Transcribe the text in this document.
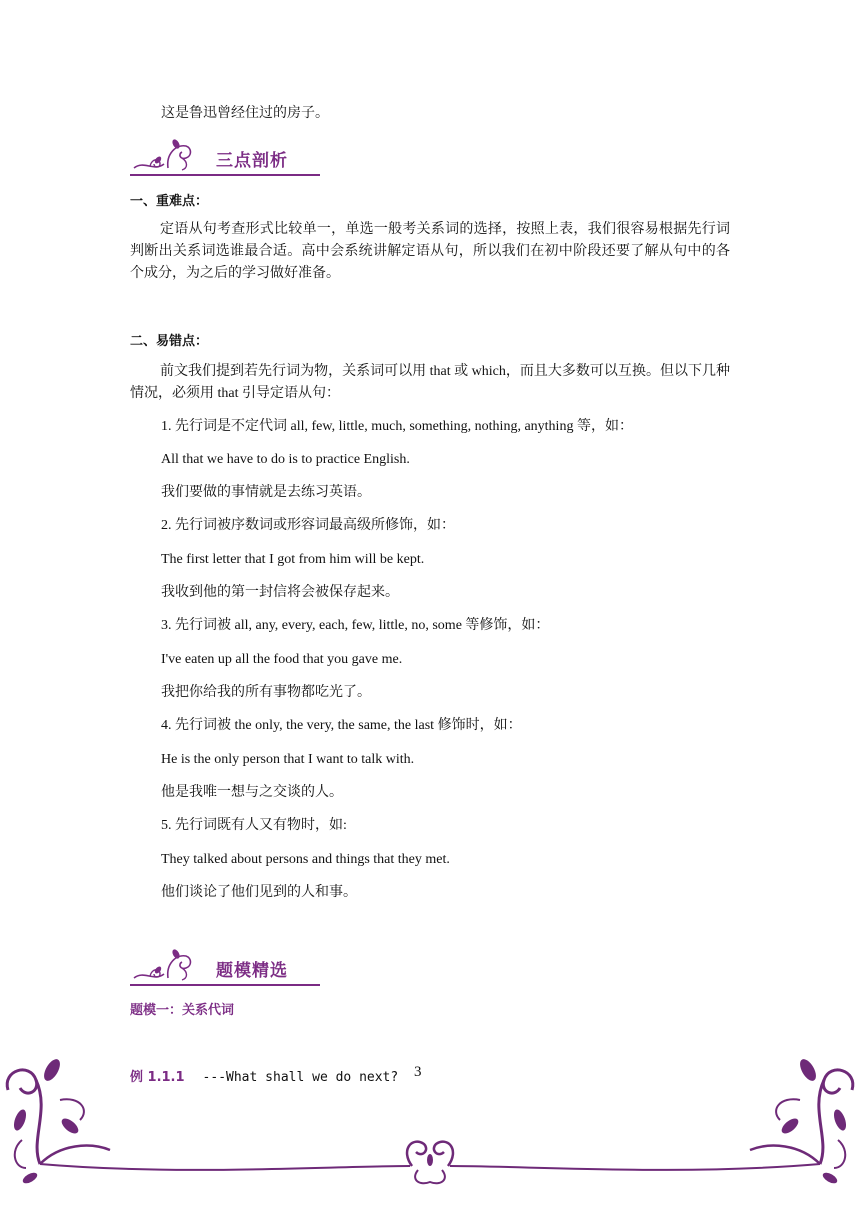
这是鲁迅曾经住过的房子。
三点剖析
一、重难点：
定语从句考查形式比较单一，单选一般考关系词的选择，按照上表，我们很容易根据先行词判断出关系词选谁最合适。高中会系统讲解定语从句，所以我们在初中阶段还要了解从句中的各个成分，为之后的学习做好准备。
二、易错点：
前文我们提到若先行词为物，关系词可以用 that 或 which，而且大多数可以互换。但以下几种情况，必须用 that 引导定语从句：
1. 先行词是不定代词 all, few, little, much, something, nothing, anything 等，如：
All that we have to do is to practice English.
我们要做的事情就是去练习英语。
2. 先行词被序数词或形容词最高级所修饰，如：
The first letter that I got from him will be kept.
我收到他的第一封信将会被保存起来。
3. 先行词被 all, any, every, each, few, little, no, some 等修饰，如：
I've eaten up all the food that you gave me.
我把你给我的所有事物都吃光了。
4. 先行词被 the only, the very, the same, the last 修饰时，如：
He is the only person that I want to talk with.
他是我唯一想与之交谈的人。
5. 先行词既有人又有物时，如:
They talked about persons and things that they met.
他们谈论了他们见到的人和事。
题模精选
题模一：关系代词
例 1.1.1 ---What shall we do next? 3
